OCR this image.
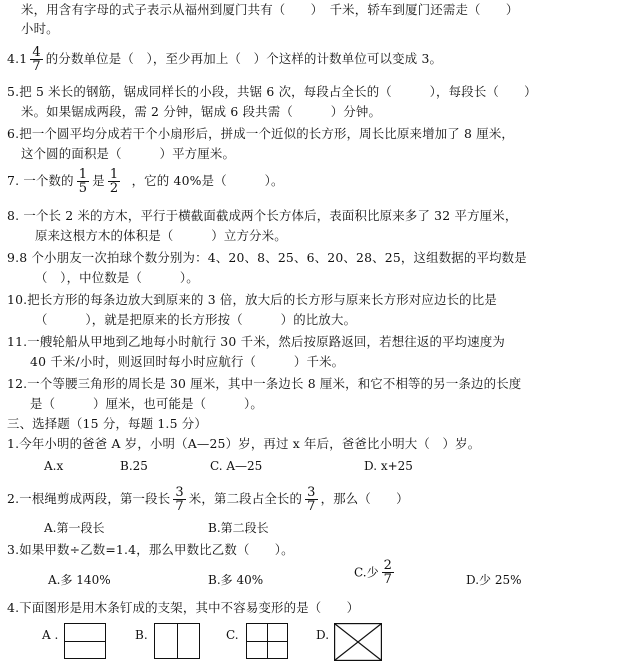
米，用含有字母的式子表示从福州到厦门共有（　　）　千米，轿车到厦门还需走（　　）
小时。
$4.1 \frac{4}{7}$ 的分数单位是（　），至少再加上（　）个这样的计数单位可以变成 3。
5.把 5 米长的钢筋，锯成同样长的小段，共锯 6 次，每段占全长的（　　　），每段长（　　）
米。如果锯成两段，需 2 分钟，锯成 6 段共需（　　　）分钟。
6.把一个圆平均分成若干个小扇形后，拼成一个近似的长方形，周长比原来增加了 8 厘米，
这个圆的面积是（　　　）平方厘米。
7. 一个数的 $\frac{1}{5}$ 是 $\frac{1}{2}$ ，它的 40%是（　　　）。
8. 一个长 2 米的方木，平行于横截面截成两个长方体后，表面积比原来多了 32 平方厘米，
原来这根方木的体积是（　　　）立方分米。
9.8 个小朋友一次拍球个数分别为：4、20、8、25、6、20、28、25，这组数据的平均数是
（　），中位数是（　　　）。
10.把长方形的每条边放大到原来的 3 倍，放大后的长方形与原来长方形对应边长的比是
（　　　），就是把原来的长方形按（　　　）的比放大。
11.一艘轮船从甲地到乙地每小时航行 30 千米，然后按原路返回，若想往返的平均速度为
40 千米/小时，则返回时每小时应航行（　　　）千米。
12.一个等腰三角形的周长是 30 厘米，其中一条边长 8 厘米，和它不相等的另一条边的长度
是（　　　）厘米，也可能是（　　　）。
三、选择题（15 分，每题 1.5 分）
1.今年小明的爸爸 A 岁，小明（A—25）岁，再过 x 年后，爸爸比小明大（　）岁。
A.x	B.25	C. A—25	D. x+25
2.一根绳剪成两段，第一段长 $\frac{3}{7}$ 米，第二段占全长的 $\frac{3}{7}$ ，那么（　　）
A.第一段长	B.第二段长
3.如果甲数÷乙数=1.4，那么甲数比乙数（　　）。
A.多 140%	B.多 40%
C.少 $\frac{2}{7}$	D.少 25%
4.下面图形是用木条钉成的支架，其中不容易变形的是（　　）
A .	B.	C.	D.
